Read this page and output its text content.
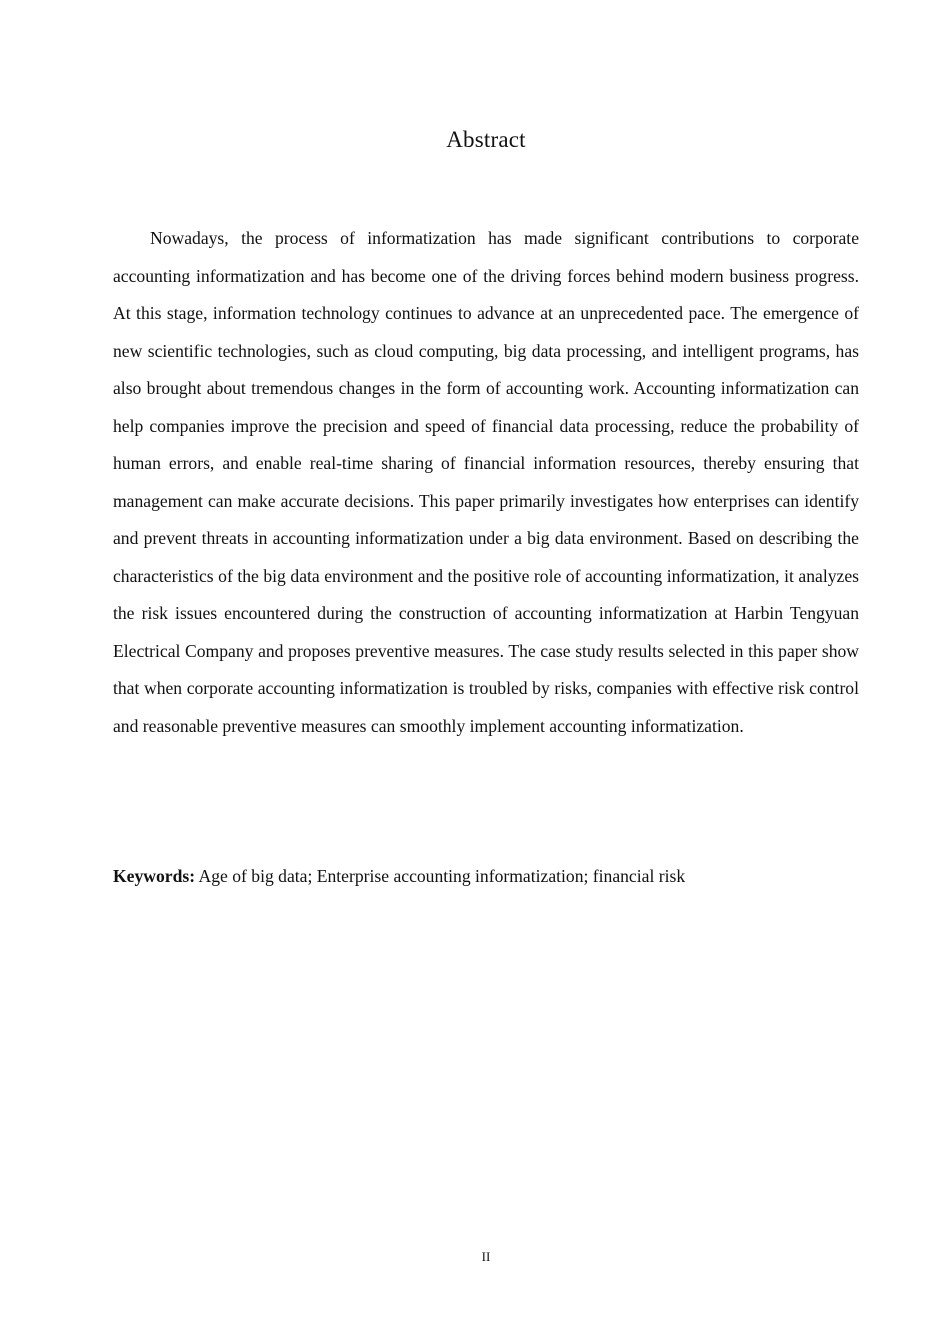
Abstract

Nowadays, the process of informatization has made significant contributions to corporate accounting informatization and has become one of the driving forces behind modern business progress. At this stage, information technology continues to advance at an unprecedented pace. The emergence of new scientific technologies, such as cloud computing, big data processing, and intelligent programs, has also brought about tremendous changes in the form of accounting work. Accounting informatization can help companies improve the precision and speed of financial data processing, reduce the probability of human errors, and enable real-time sharing of financial information resources, thereby ensuring that management can make accurate decisions. This paper primarily investigates how enterprises can identify and prevent threats in accounting informatization under a big data environment. Based on describing the characteristics of the big data environment and the positive role of accounting informatization, it analyzes the risk issues encountered during the construction of accounting informatization at Harbin Tengyuan Electrical Company and proposes preventive measures. The case study results selected in this paper show that when corporate accounting informatization is troubled by risks, companies with effective risk control and reasonable preventive measures can smoothly implement accounting informatization.

Keywords: Age of big data; Enterprise accounting informatization; financial risk

II
